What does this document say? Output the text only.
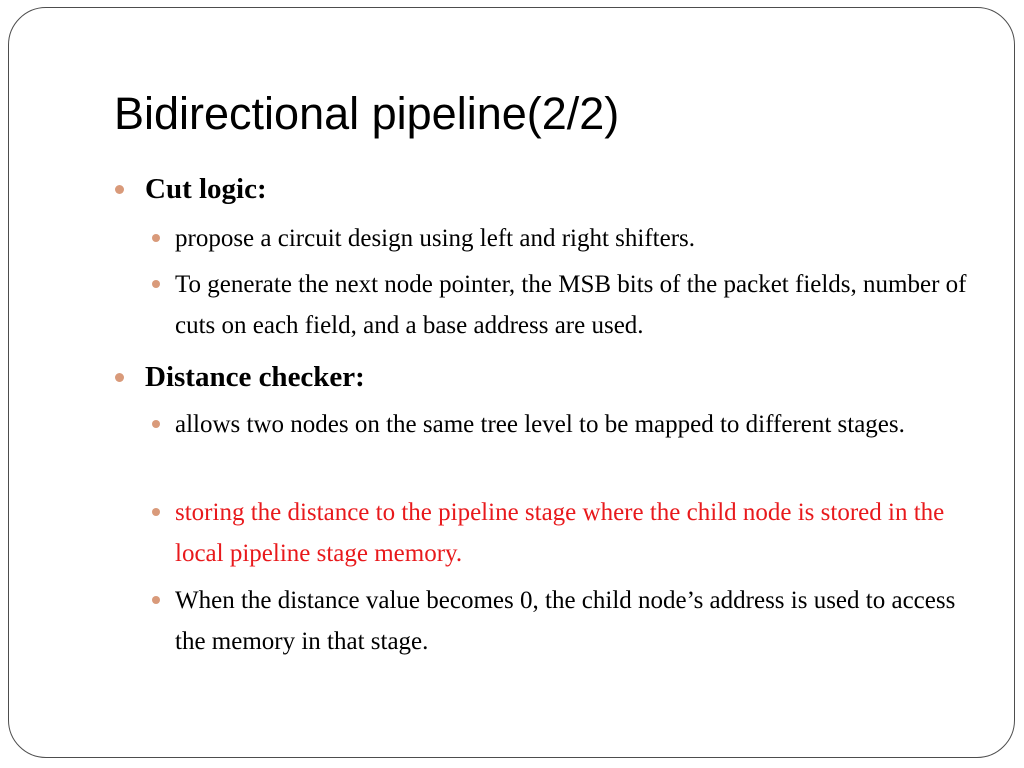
Bidirectional pipeline(2/2)
Cut logic:
propose a circuit design using left and right shifters.
To generate the next node pointer, the MSB bits of the packet fields, number of cuts on each field, and a base address are used.
Distance checker:
allows two nodes on the same tree level to be mapped to different stages.
storing the distance to the pipeline stage where the child node is stored in the local pipeline stage memory.
When the distance value becomes 0, the child node’s address is used to access the memory in that stage.
